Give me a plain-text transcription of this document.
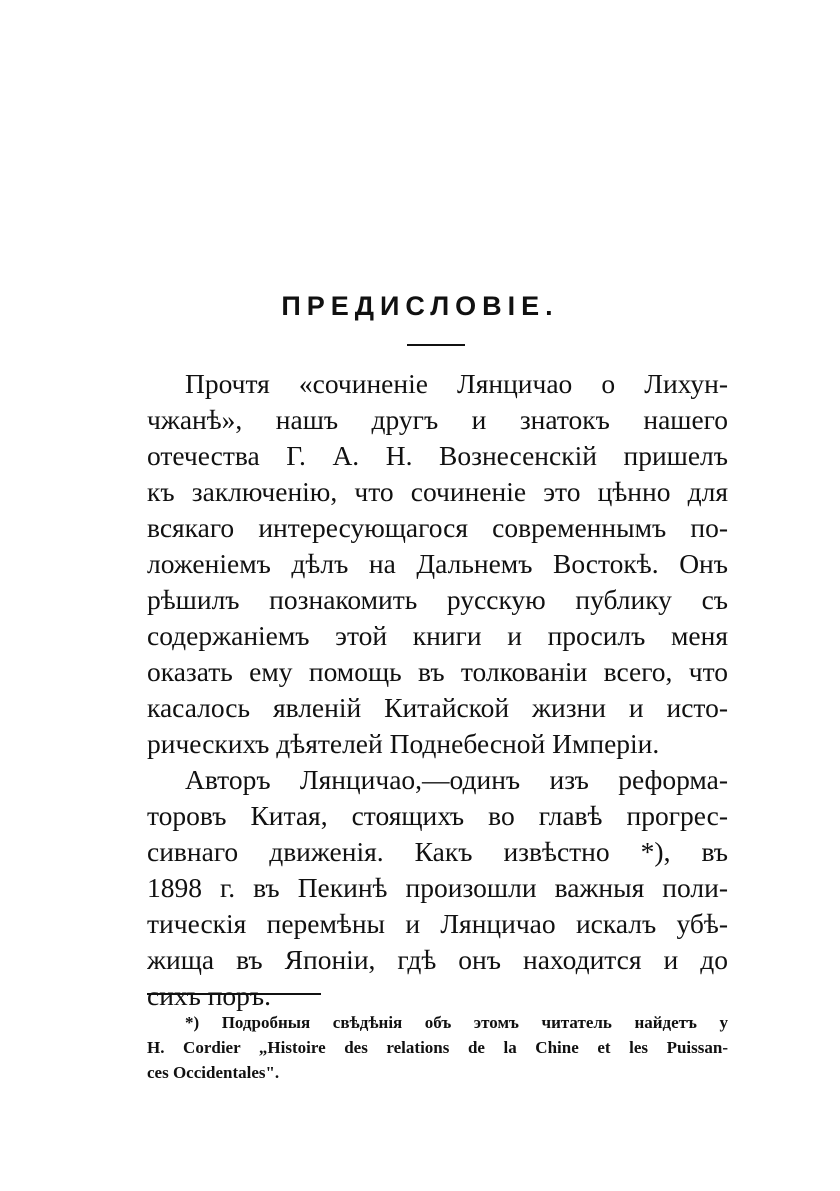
ПРЕДИСЛОВІЕ.
Прочтя «сочиненіе Лянцичао о Лихун-
чжанѣ», нашъ другъ и знатокъ нашего
отечества Г. А. Н. Вознесенскій пришелъ
къ заключенію, что сочиненіе это цѣнно для
всякаго интересующагося современнымъ по-
ложеніемъ дѣлъ на Дальнемъ Востокѣ. Онъ
рѣшилъ познакомить русскую публику съ
содержаніемъ этой книги и просилъ меня
оказать ему помощь въ толкованіи всего, что
касалось явленій Китайской жизни и исто-
рическихъ дѣятелей Поднебесной Имперіи.
Авторъ Лянцичао,—одинъ изъ реформа-
торовъ Китая, стоящихъ во главѣ прогрес-
сивнаго движенія. Какъ извѣстно *), въ
1898 г. въ Пекинѣ произошли важныя поли-
тическія перемѣны и Лянцичао искалъ убѣ-
жища въ Японіи, гдѣ онъ находится и до
сихъ поръ.
*) Подробныя свѣдѣнія объ этомъ читатель найдетъ у
H. Cordier „Histoire des relations de la Chine et les Puissan-
ces Occidentales".
